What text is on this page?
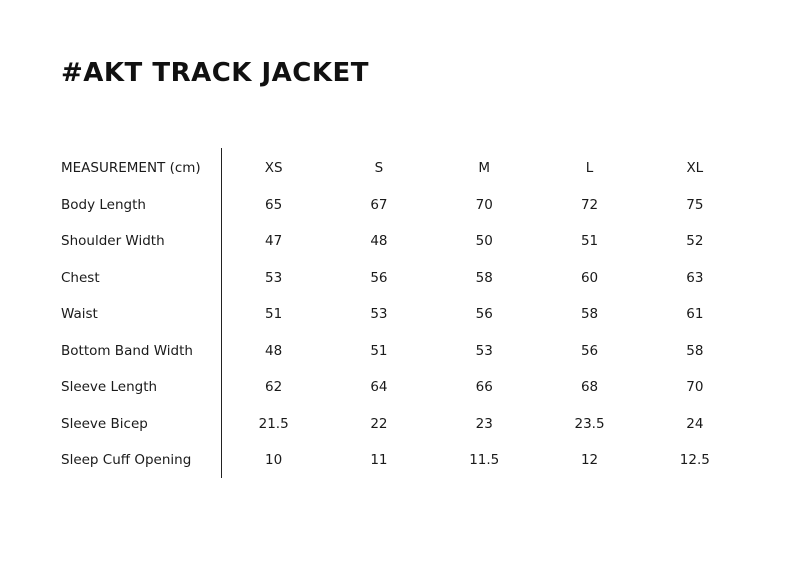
#AKT TRACK JACKET
MEASUREMENT (cm)	XS	S	M	L	XL
Body Length	65	67	70	72	75
Shoulder Width	47	48	50	51	52
Chest	53	56	58	60	63
Waist	51	53	56	58	61
Bottom Band Width	48	51	53	56	58
Sleeve Length	62	64	66	68	70
Sleeve Bicep	21.5	22	23	23.5	24
Sleep Cuff Opening	10	11	11.5	12	12.5
